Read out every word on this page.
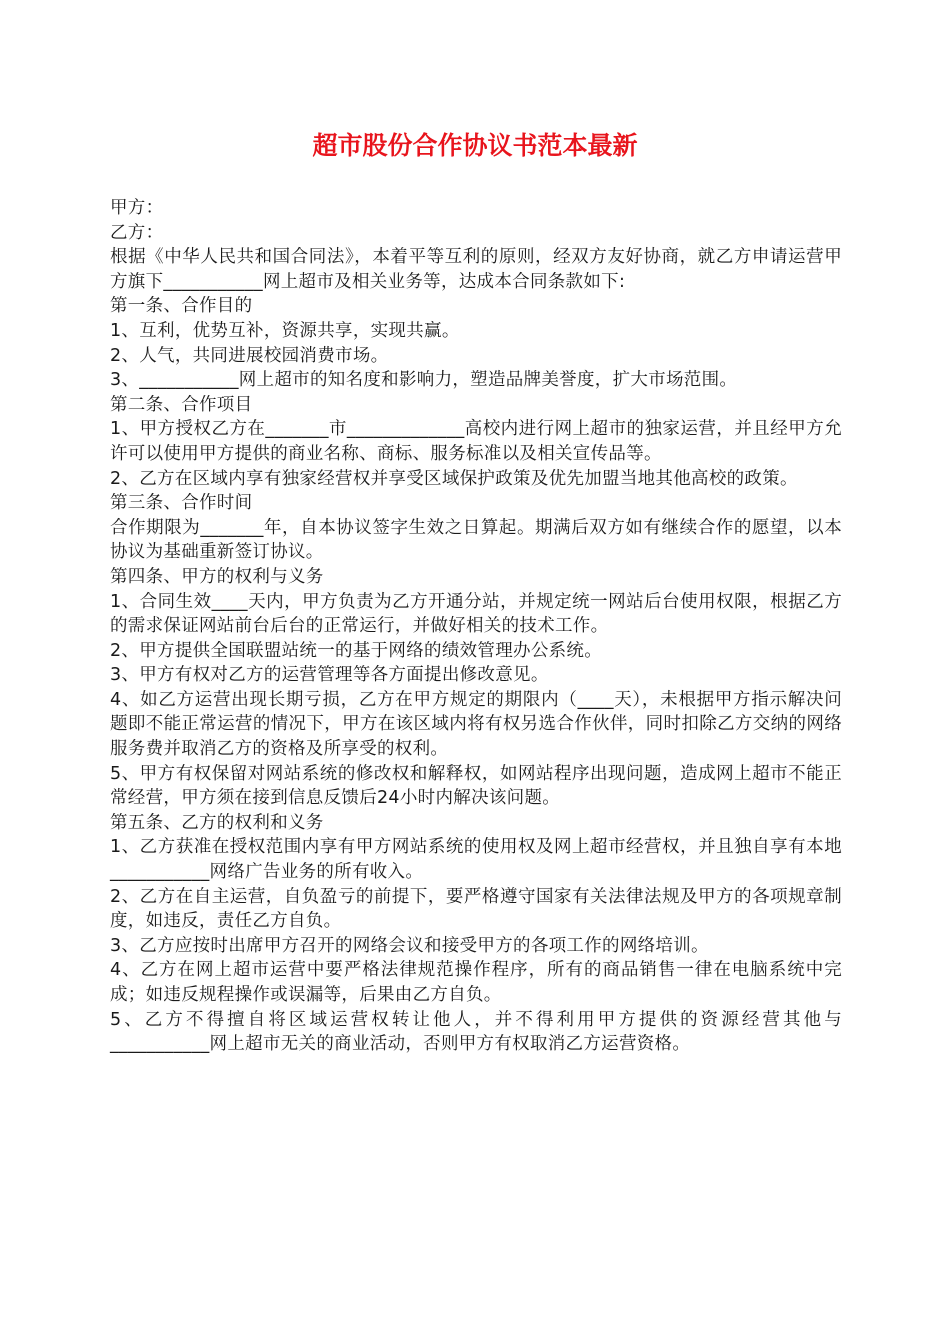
超市股份合作协议书范本最新

甲方：

乙方：

根据《中华人民共和国合同法》，本着平等互利的原则，经双方友好协商，就乙方申请运营甲方旗下___________网上超市及相关业务等，达成本合同条款如下:

第一条、合作目的

1、互利，优势互补，资源共享，实现共赢。

2、人气，共同进展校园消费市场。

3、___________网上超市的知名度和影响力，塑造品牌美誉度，扩大市场范围。

第二条、合作项目

1、甲方授权乙方在_______市_____________高校内进行网上超市的独家运营，并且经甲方允许可以使用甲方提供的商业名称、商标、服务标准以及相关宣传品等。

2、乙方在区域内享有独家经营权并享受区域保护政策及优先加盟当地其他高校的政策。

第三条、合作时间

合作期限为_______年，自本协议签字生效之日算起。期满后双方如有继续合作的愿望，以本协议为基础重新签订协议。

第四条、甲方的权利与义务

1、合同生效____天内，甲方负责为乙方开通分站，并规定统一网站后台使用权限，根据乙方的需求保证网站前台后台的正常运行，并做好相关的技术工作。

2、甲方提供全国联盟站统一的基于网络的绩效管理办公系统。

3、甲方有权对乙方的运营管理等各方面提出修改意见。

4、如乙方运营出现长期亏损，乙方在甲方规定的期限内（____天），未根据甲方指示解决问题即不能正常运营的情况下，甲方在该区域内将有权另选合作伙伴，同时扣除乙方交纳的网络服务费并取消乙方的资格及所享受的权利。

5、甲方有权保留对网站系统的修改权和解释权，如网站程序出现问题，造成网上超市不能正常经营，甲方须在接到信息反馈后24小时内解决该问题。

第五条、乙方的权利和义务

1、乙方获准在授权范围内享有甲方网站系统的使用权及网上超市经营权，并且独自享有本地___________网络广告业务的所有收入。

2、乙方在自主运营，自负盈亏的前提下，要严格遵守国家有关法律法规及甲方的各项规章制度，如违反，责任乙方自负。

3、乙方应按时出席甲方召开的网络会议和接受甲方的各项工作的网络培训。

4、乙方在网上超市运营中要严格法律规范操作程序，所有的商品销售一律在电脑系统中完成；如违反规程操作或误漏等，后果由乙方自负。

5、乙方不得擅自将区域运营权转让他人，并不得利用甲方提供的资源经营其他与___________网上超市无关的商业活动，否则甲方有权取消乙方运营资格。
